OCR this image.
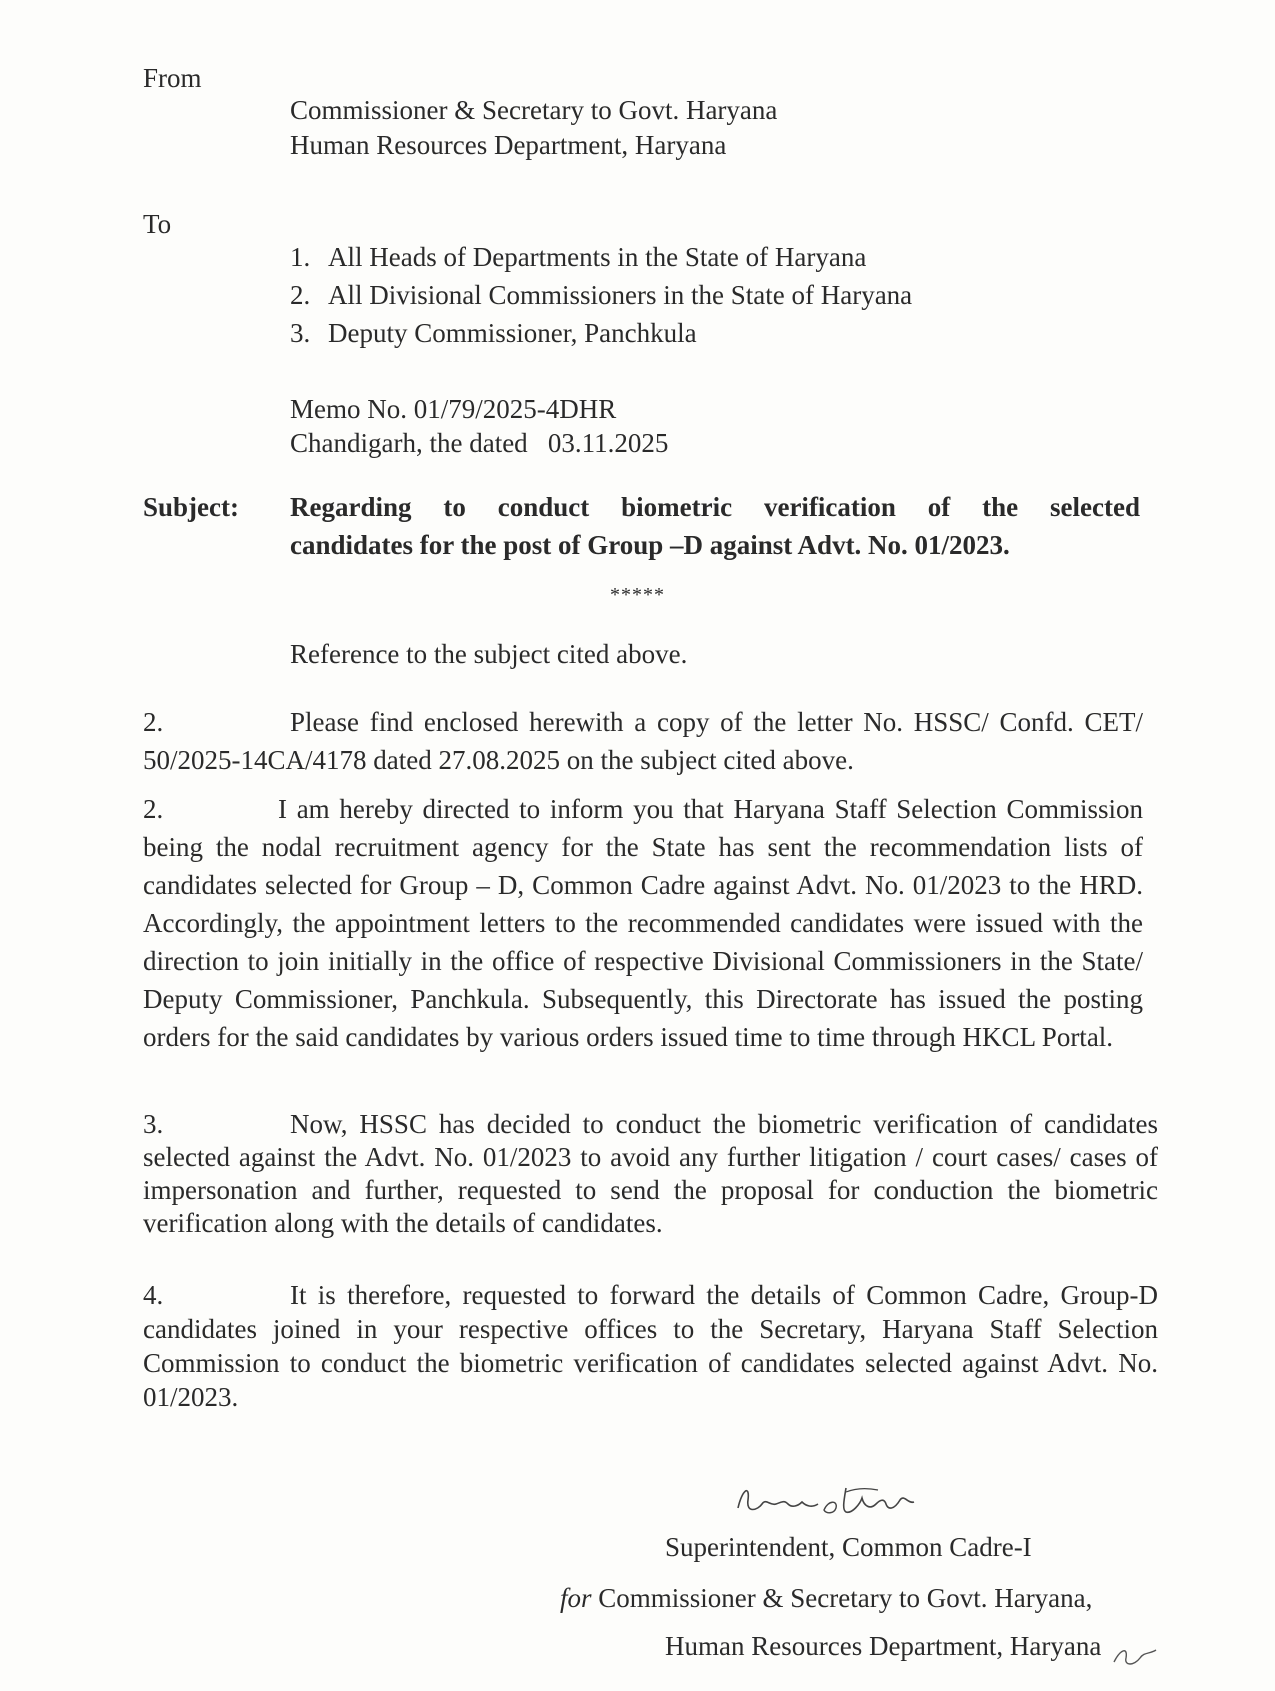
From
Commissioner & Secretary to Govt. Haryana
Human Resources Department, Haryana
To
1. All Heads of Departments in the State of Haryana
2. All Divisional Commissioners in the State of Haryana
3. Deputy Commissioner, Panchkula
Memo No. 01/79/2025-4DHR
Chandigarh, the dated   03.11.2025
Subject: Regarding to conduct biometric verification of the selected
candidates for the post of Group –D against Advt. No. 01/2023.
*****
Reference to the subject cited above.
2.	Please find enclosed herewith a copy of the letter No. HSSC/ Confd. CET/ 50/2025-14CA/4178 dated 27.08.2025 on the subject cited above.
2.	I am hereby directed to inform you that Haryana Staff Selection Commission being the nodal recruitment agency for the State has sent the recommendation lists of candidates selected for Group – D, Common Cadre against Advt. No. 01/2023 to the HRD. Accordingly, the appointment letters to the recommended candidates were issued with the direction to join initially in the office of respective Divisional Commissioners in the State/ Deputy Commissioner, Panchkula. Subsequently, this Directorate has issued the posting orders for the said candidates by various orders issued time to time through HKCL Portal.
3.	Now, HSSC has decided to conduct the biometric verification of candidates selected against the Advt. No. 01/2023 to avoid any further litigation / court cases/ cases of impersonation and further, requested to send the proposal for conduction the biometric verification along with the details of candidates.
4.	It is therefore, requested to forward the details of Common Cadre, Group-D candidates joined in your respective offices to the Secretary, Haryana Staff Selection Commission to conduct the biometric verification of candidates selected against Advt. No. 01/2023.
Superintendent, Common Cadre-I
for Commissioner & Secretary to Govt. Haryana,
Human Resources Department, Haryana
